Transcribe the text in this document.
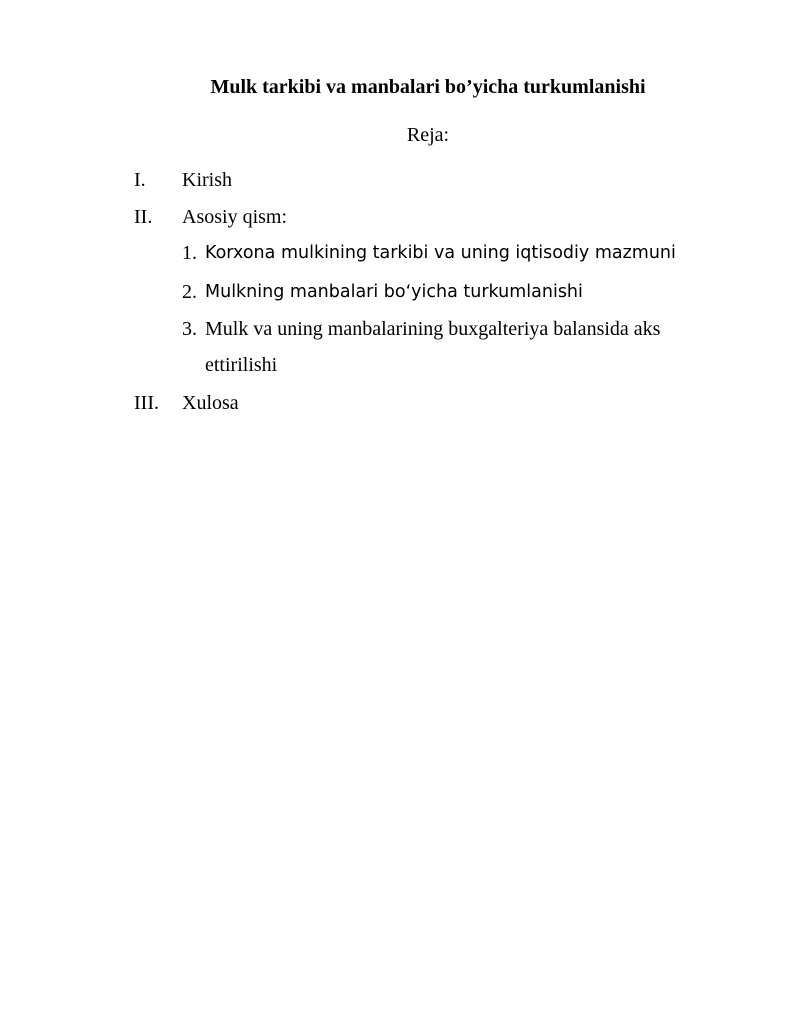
Mulk tarkibi va manbalari bo’yicha turkumlanishi
Reja:
I. Kirish
II. Asosiy qism:
1. Korxona mulkining tarkibi va uning iqtisodiy mazmuni
2. Mulkning manbalari boʻyicha turkumlanishi
3. Mulk va uning manbalarining buxgalteriya balansida aks
ettirilishi
III. Xulosa
